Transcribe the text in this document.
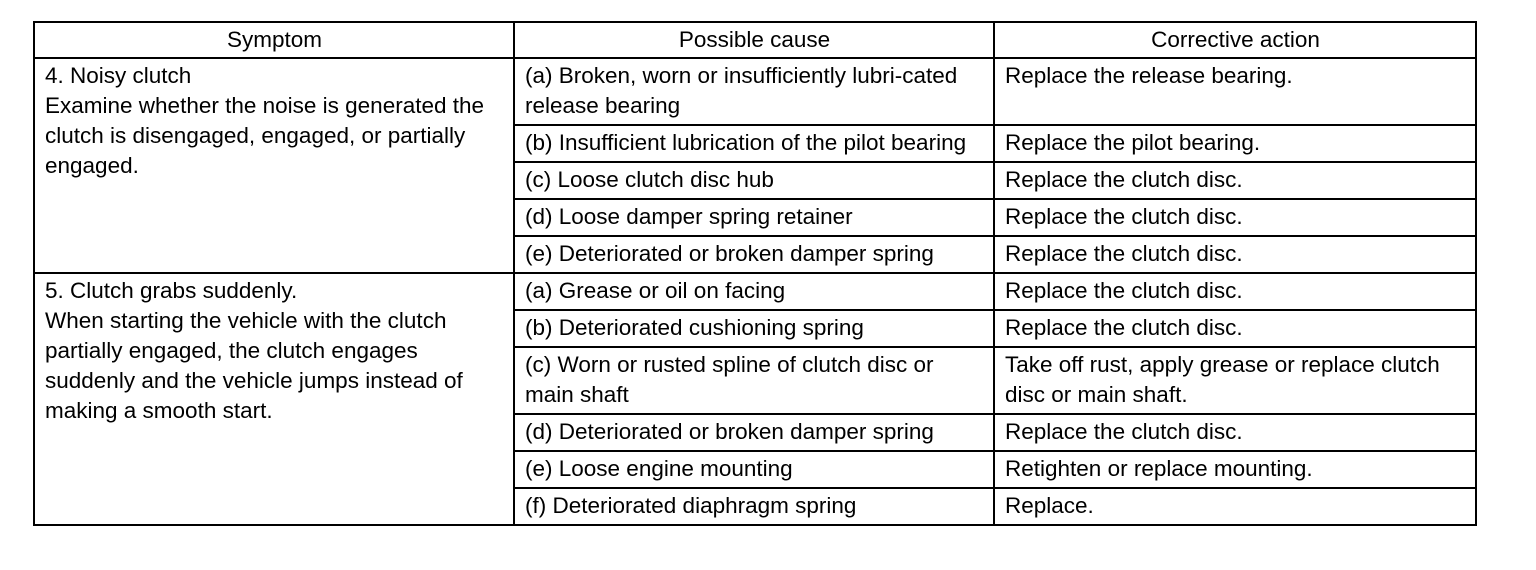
Symptom	Possible cause	Corrective action

4. Noisy clutch
Examine whether the noise is generated the clutch is disengaged, engaged, or partially engaged.	(a) Broken, worn or insufficiently lubri-​cated release bearing	Replace the release bearing.
	(b) Insufficient lubrication of the pilot bearing	Replace the pilot bearing.
	(c) Loose clutch disc hub	Replace the clutch disc.
	(d) Loose damper spring retainer	Replace the clutch disc.
	(e) Deteriorated or broken damper spring	Replace the clutch disc.

5. Clutch grabs suddenly.
When starting the vehicle with the clutch partially engaged, the clutch engages suddenly and the vehicle jumps instead of making a smooth start.	(a) Grease or oil on facing	Replace the clutch disc.
	(b) Deteriorated cushioning spring	Replace the clutch disc.
	(c) Worn or rusted spline of clutch disc or main shaft	Take off rust, apply grease or replace clutch disc or main shaft.
	(d) Deteriorated or broken damper spring	Replace the clutch disc.
	(e) Loose engine mounting	Retighten or replace mounting.
	(f) Deteriorated diaphragm spring	Replace.
